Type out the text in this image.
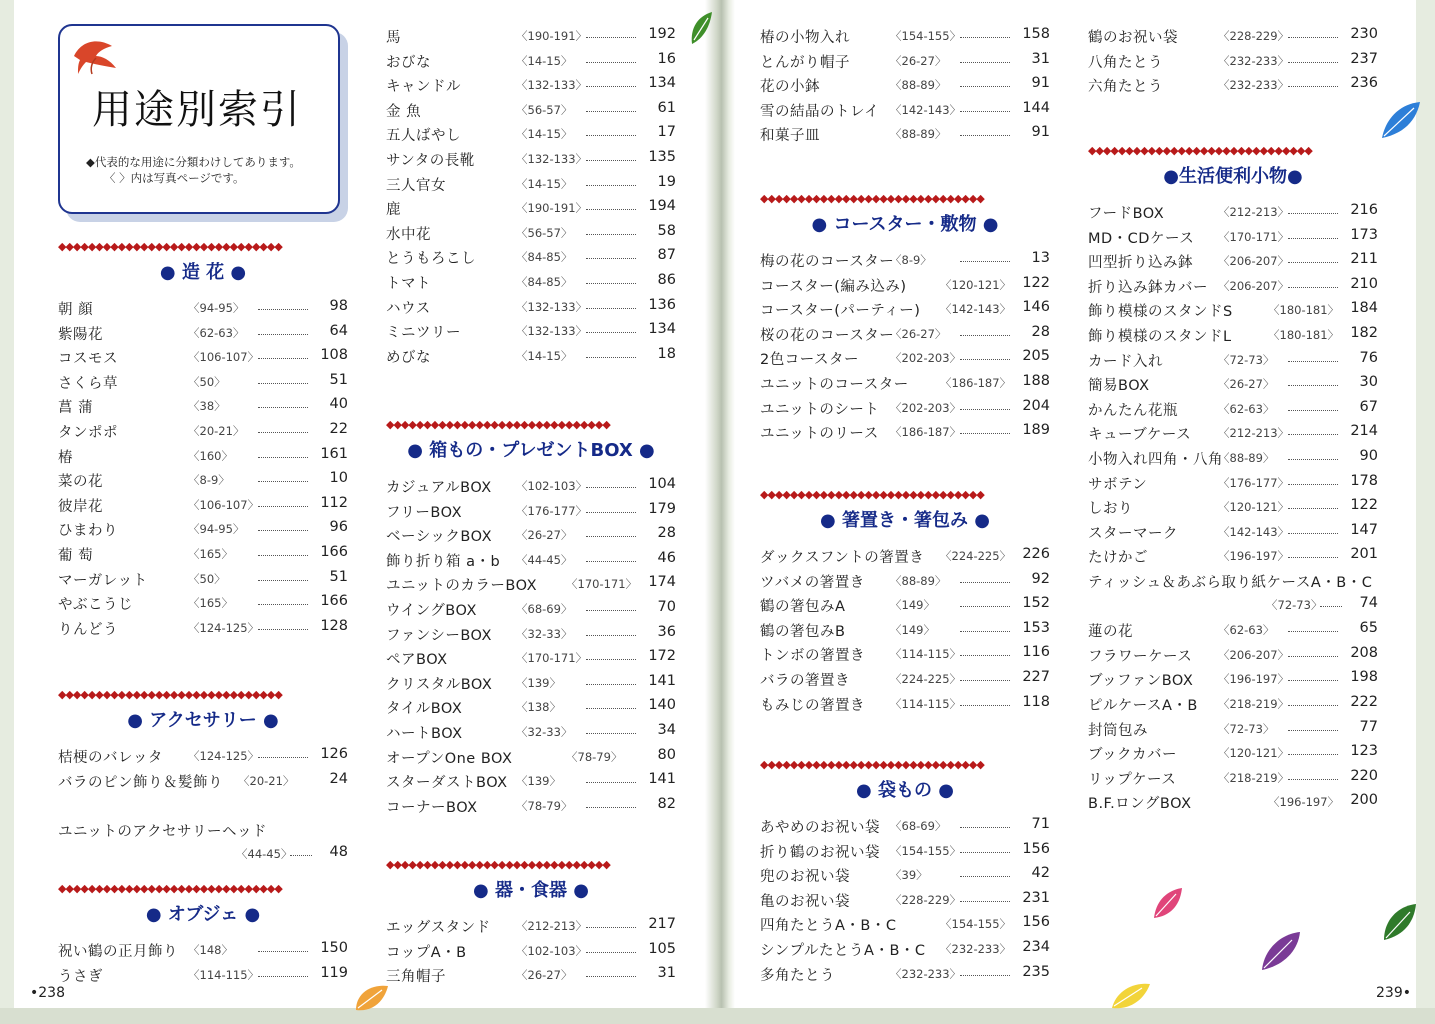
用途別索引
◆代表的な用途に分類わけしてあります。
〈 〉内は写真ページです。
◆◆◆◆◆◆◆◆◆◆◆◆◆◆◆◆◆◆◆◆◆◆◆◆◆◆◆◆◆◆
● 造 花 ●
朝 顔	〈94-95〉	98
紫陽花	〈62-63〉	64
コスモス	〈106-107〉	108
さくら草	〈50〉	51
菖 蒲	〈38〉	40
タンポポ	〈20-21〉	22
椿	〈160〉	161
菜の花	〈8-9〉	10
彼岸花	〈106-107〉	112
ひまわり	〈94-95〉	96
葡 萄	〈165〉	166
マーガレット	〈50〉	51
やぶこうじ	〈165〉	166
りんどう	〈124-125〉	128
◆◆◆◆◆◆◆◆◆◆◆◆◆◆◆◆◆◆◆◆◆◆◆◆◆◆◆◆◆◆
● アクセサリー ●
桔梗のバレッタ 〈124-125〉	126
バラのピン飾り＆髪飾り 〈20-21〉	24
ユニットのアクセサリーヘッド
〈44-45〉	48
◆◆◆◆◆◆◆◆◆◆◆◆◆◆◆◆◆◆◆◆◆◆◆◆◆◆◆◆◆◆
● オブジェ ●
祝い鶴の正月飾り 〈148〉	150
うさぎ	〈114-115〉	119
馬	〈190-191〉	192
おびな	〈14-15〉	16
キャンドル	〈132-133〉	134
金 魚	〈56-57〉	61
五人ばやし	〈14-15〉	17
サンタの長靴	〈132-133〉	135
三人官女	〈14-15〉	19
鹿	〈190-191〉	194
水中花	〈56-57〉	58
とうもろこし	〈84-85〉	87
トマト	〈84-85〉	86
ハウス	〈132-133〉	136
ミニツリー	〈132-133〉	134
めびな	〈14-15〉	18
◆◆◆◆◆◆◆◆◆◆◆◆◆◆◆◆◆◆◆◆◆◆◆◆◆◆◆◆◆◆
● 箱もの・プレゼントBOX ●
カジュアルBOX 〈102-103〉	104
フリーBOX	〈176-177〉	179
ベーシックBOX 〈26-27〉	28
飾り折り箱 a・b 〈44-45〉	46
ユニットのカラーBOX	〈170-171〉 174
ウイングBOX	〈68-69〉	70
ファンシーBOX 〈32-33〉	36
ペアBOX	〈170-171〉	172
クリスタルBOX 〈139〉	141
タイルBOX	〈138〉	140
ハートBOX	〈32-33〉	34
オープンOne BOX	〈78-79〉	80
スターダストBOX 〈139〉	141
コーナーBOX	〈78-79〉	82
◆◆◆◆◆◆◆◆◆◆◆◆◆◆◆◆◆◆◆◆◆◆◆◆◆◆◆◆◆◆
● 器・食器 ●
エッグスタンド 〈212-213〉	217
コップA・B	〈102-103〉	105
三角帽子	〈26-27〉	31
椿の小物入れ	〈154-155〉	158
とんがり帽子	〈26-27〉	31
花の小鉢	〈88-89〉	91
雪の結晶のトレイ 〈142-143〉	144
和菓子皿	〈88-89〉	91
◆◆◆◆◆◆◆◆◆◆◆◆◆◆◆◆◆◆◆◆◆◆◆◆◆◆◆◆◆◆
● コースター・敷物 ●
梅の花のコースター
〈8-9〉	13
コースター(編み込み)	〈120-121〉 122
コースター(パーティー) 〈142-143〉 146
桜の花のコースター
〈26-27〉	28
2色コースター	〈202-203〉	205
ユニットのコースター	〈186-187〉 188
ユニットのシート 〈202-203〉	204
ユニットのリース 〈186-187〉	189
◆◆◆◆◆◆◆◆◆◆◆◆◆◆◆◆◆◆◆◆◆◆◆◆◆◆◆◆◆◆
● 箸置き・箸包み ●
ダックスフントの箸置き 〈224-225〉 226
ツバメの箸置き 〈88-89〉	92
鶴の箸包みA	〈149〉	152
鶴の箸包みB	〈149〉	153
トンボの箸置き 〈114-115〉	116
バラの箸置き	〈224-225〉	227
もみじの箸置き 〈114-115〉	118
◆◆◆◆◆◆◆◆◆◆◆◆◆◆◆◆◆◆◆◆◆◆◆◆◆◆◆◆◆◆
● 袋もの ●
あやめのお祝い袋 〈68-69〉	71
折り鶴のお祝い袋 〈154-155〉	156
兜のお祝い袋	〈39〉	42
亀のお祝い袋	〈228-229〉	231
四角たとうA・B・C	〈154-155〉 156
シンプルたとうA・B・C 〈232-233〉 234
多角たとう	〈232-233〉	235
鶴のお祝い袋	〈228-229〉	230
八角たとう	〈232-233〉	237
六角たとう	〈232-233〉	236
◆◆◆◆◆◆◆◆◆◆◆◆◆◆◆◆◆◆◆◆◆◆◆◆◆◆◆◆◆◆
●生活便利小物●
フードBOX	〈212-213〉	216
MD・CDケース 〈170-171〉	173
凹型折り込み鉢 〈206-207〉	211
折り込み鉢カバー 〈206-207〉	210
飾り模様のスタンドS	〈180-181〉 184
飾り模様のスタンドL	〈180-181〉 182
カード入れ	〈72-73〉	76
簡易BOX	〈26-27〉	30
かんたん花瓶	〈62-63〉	67
キューブケース 〈212-213〉	214
小物入れ四角・八角
〈88-89〉	90
サボテン	〈176-177〉	178
しおり	〈120-121〉	122
スターマーク	〈142-143〉	147
たけかご	〈196-197〉	201
ティッシュ＆あぶら取り紙ケースA・B・C
〈72-73〉	74
蓮の花	〈62-63〉	65
フラワーケース 〈206-207〉	208
ブッファンBOX 〈196-197〉	198
ピルケースA・B 〈218-219〉	222
封筒包み	〈72-73〉	77
ブックカバー	〈120-121〉	123
リップケース	〈218-219〉	220
B.F.ロングBOX	〈196-197〉 200
•238	239•
